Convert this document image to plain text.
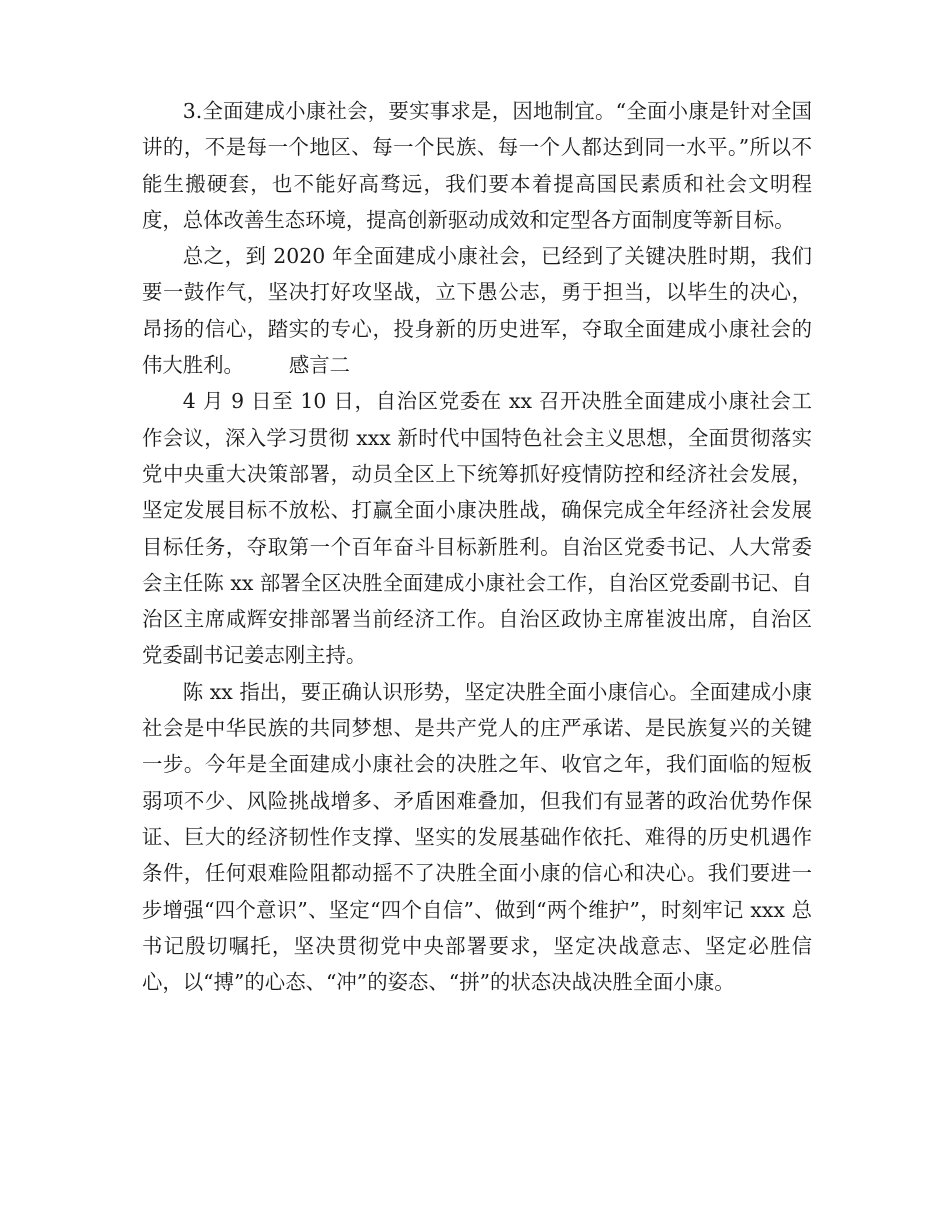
3.全面建成小康社会，要实事求是，因地制宜。“全面小康是针对全国讲的，不是每一个地区、每一个民族、每一个人都达到同一水平。”所以不能生搬硬套，也不能好高骛远，我们要本着提高国民素质和社会文明程度，总体改善生态环境，提高创新驱动成效和定型各方面制度等新目标。

总之，到 2020 年全面建成小康社会，已经到了关键决胜时期，我们要一鼓作气，坚决打好攻坚战，立下愚公志，勇于担当，以毕生的决心，昂扬的信心，踏实的专心，投身新的历史进军，夺取全面建成小康社会的伟大胜利。 感言二

4 月 9 日至 10 日，自治区党委在 xx 召开决胜全面建成小康社会工作会议，深入学习贯彻 xxx 新时代中国特色社会主义思想，全面贯彻落实党中央重大决策部署，动员全区上下统筹抓好疫情防控和经济社会发展，坚定发展目标不放松、打赢全面小康决胜战，确保完成全年经济社会发展目标任务，夺取第一个百年奋斗目标新胜利。自治区党委书记、人大常委会主任陈 xx 部署全区决胜全面建成小康社会工作，自治区党委副书记、自治区主席咸辉安排部署当前经济工作。自治区政协主席崔波出席，自治区党委副书记姜志刚主持。

陈 xx 指出，要正确认识形势，坚定决胜全面小康信心。全面建成小康社会是中华民族的共同梦想、是共产党人的庄严承诺、是民族复兴的关键一步。今年是全面建成小康社会的决胜之年、收官之年，我们面临的短板弱项不少、风险挑战增多、矛盾困难叠加，但我们有显著的政治优势作保证、巨大的经济韧性作支撑、坚实的发展基础作依托、难得的历史机遇作条件，任何艰难险阻都动摇不了决胜全面小康的信心和决心。我们要进一步增强“四个意识”、坚定“四个自信”、做到“两个维护”，时刻牢记 xxx 总书记殷切嘱托，坚决贯彻党中央部署要求，坚定决战意志、坚定必胜信心，以“搏”的心态、“冲”的姿态、“拼”的状态决战决胜全面小康。
